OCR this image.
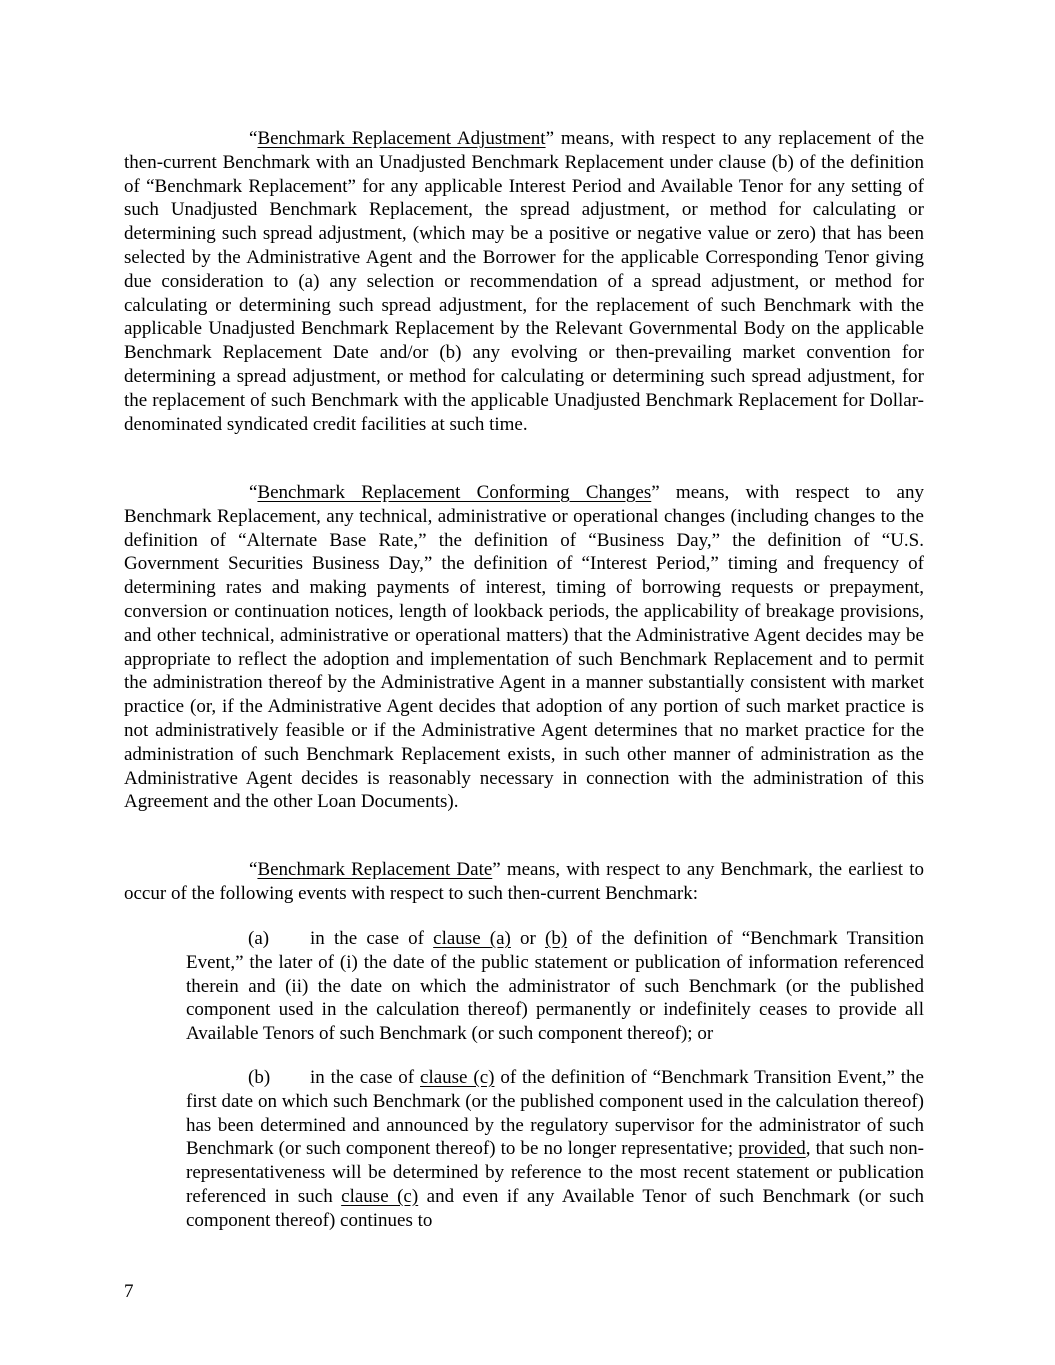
“Benchmark Replacement Adjustment” means, with respect to any replacement of the then-current Benchmark with an Unadjusted Benchmark Replacement under clause (b) of the definition of “Benchmark Replacement” for any applicable Interest Period and Available Tenor for any setting of such Unadjusted Benchmark Replacement, the spread adjustment, or method for calculating or determining such spread adjustment, (which may be a positive or negative value or zero) that has been selected by the Administrative Agent and the Borrower for the applicable Corresponding Tenor giving due consideration to (a) any selection or recommendation of a spread adjustment, or method for calculating or determining such spread adjustment, for the replacement of such Benchmark with the applicable Unadjusted Benchmark Replacement by the Relevant Governmental Body on the applicable Benchmark Replacement Date and/or (b) any evolving or then-prevailing market convention for determining a spread adjustment, or method for calculating or determining such spread adjustment, for the replacement of such Benchmark with the applicable Unadjusted Benchmark Replacement for Dollar-denominated syndicated credit facilities at such time.

“Benchmark Replacement Conforming Changes” means, with respect to any Benchmark Replacement, any technical, administrative or operational changes (including changes to the definition of “Alternate Base Rate,” the definition of “Business Day,” the definition of “U.S. Government Securities Business Day,” the definition of “Interest Period,” timing and frequency of determining rates and making payments of interest, timing of borrowing requests or prepayment, conversion or continuation notices, length of lookback periods, the applicability of breakage provisions, and other technical, administrative or operational matters) that the Administrative Agent decides may be appropriate to reflect the adoption and implementation of such Benchmark Replacement and to permit the administration thereof by the Administrative Agent in a manner substantially consistent with market practice (or, if the Administrative Agent decides that adoption of any portion of such market practice is not administratively feasible or if the Administrative Agent determines that no market practice for the administration of such Benchmark Replacement exists, in such other manner of administration as the Administrative Agent decides is reasonably necessary in connection with the administration of this Agreement and the other Loan Documents).

“Benchmark Replacement Date” means, with respect to any Benchmark, the earliest to occur of the following events with respect to such then-current Benchmark:

(a) in the case of clause (a) or (b) of the definition of “Benchmark Transition Event,” the later of (i) the date of the public statement or publication of information referenced therein and (ii) the date on which the administrator of such Benchmark (or the published component used in the calculation thereof) permanently or indefinitely ceases to provide all Available Tenors of such Benchmark (or such component thereof); or

(b) in the case of clause (c) of the definition of “Benchmark Transition Event,” the first date on which such Benchmark (or the published component used in the calculation thereof) has been determined and announced by the regulatory supervisor for the administrator of such Benchmark (or such component thereof) to be no longer representative; provided, that such non-representativeness will be determined by reference to the most recent statement or publication referenced in such clause (c) and even if any Available Tenor of such Benchmark (or such component thereof) continues to

7
